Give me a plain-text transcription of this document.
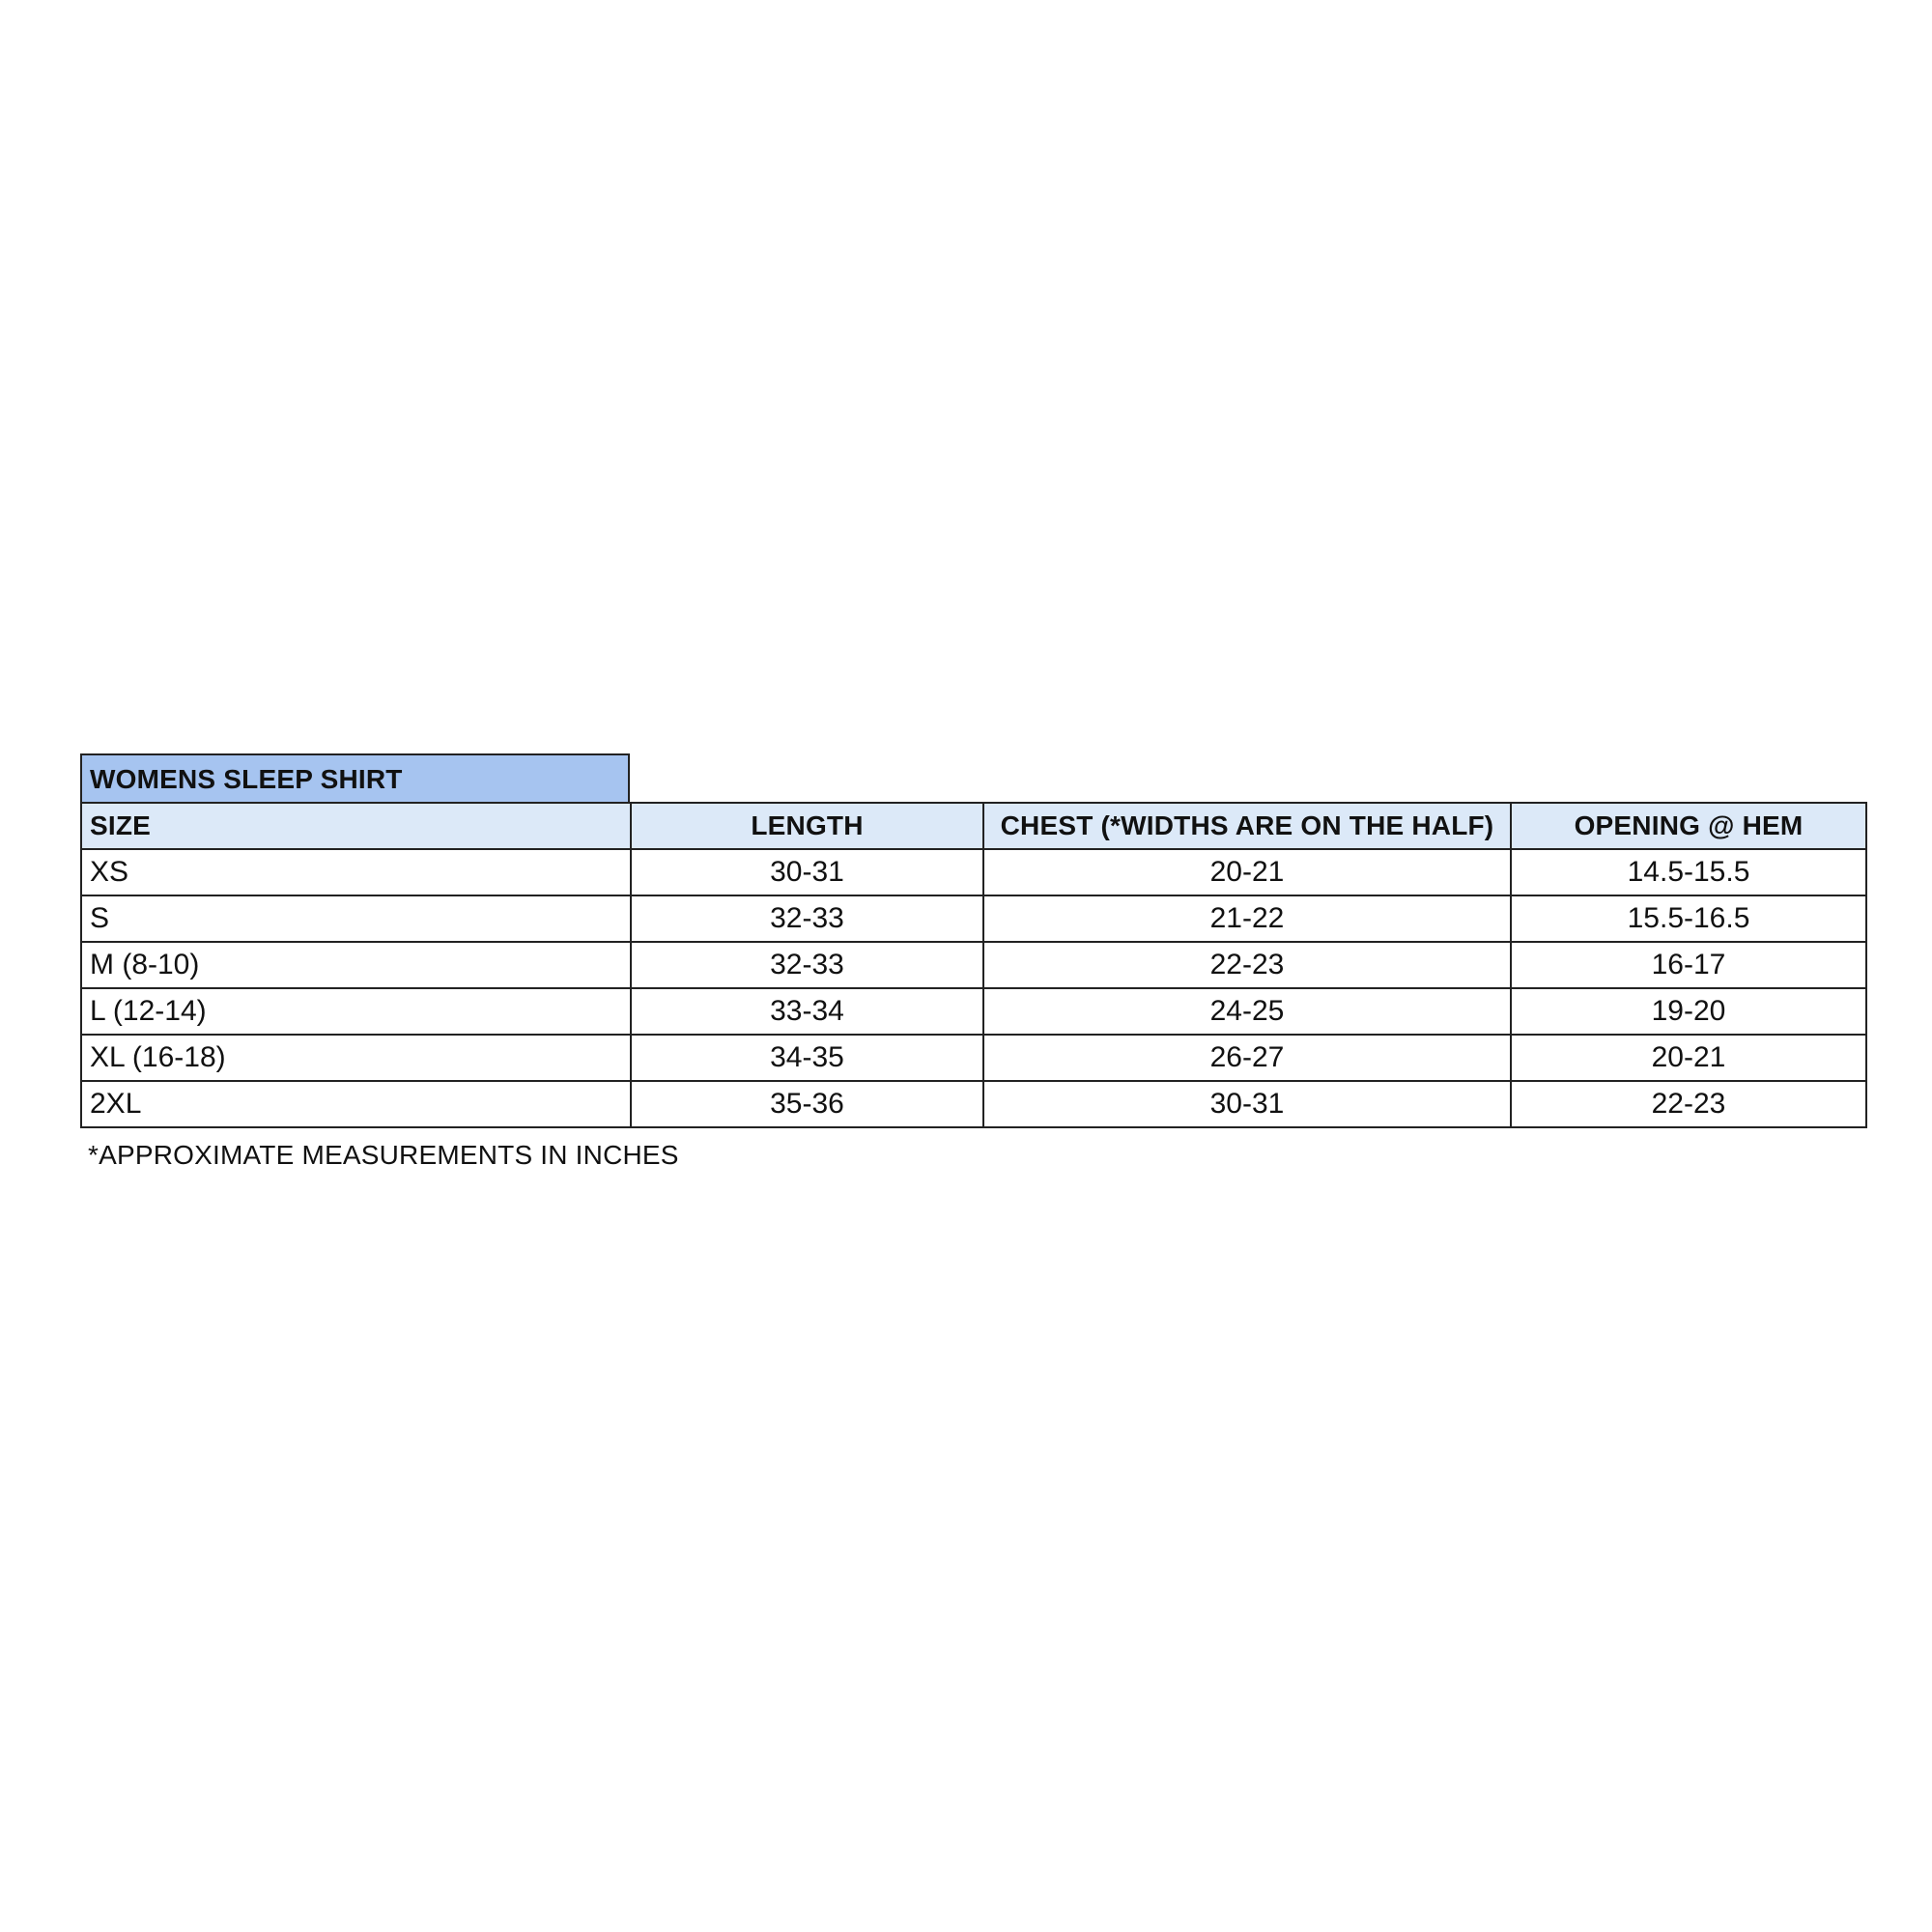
WOMENS SLEEP SHIRT
SIZE	LENGTH	CHEST (*WIDTHS ARE ON THE HALF)	OPENING @ HEM
XS	30-31	20-21	14.5-15.5
S	32-33	21-22	15.5-16.5
M (8-10)	32-33	22-23	16-17
L (12-14)	33-34	24-25	19-20
XL (16-18)	34-35	26-27	20-21
2XL	35-36	30-31	22-23
*APPROXIMATE MEASUREMENTS IN INCHES
